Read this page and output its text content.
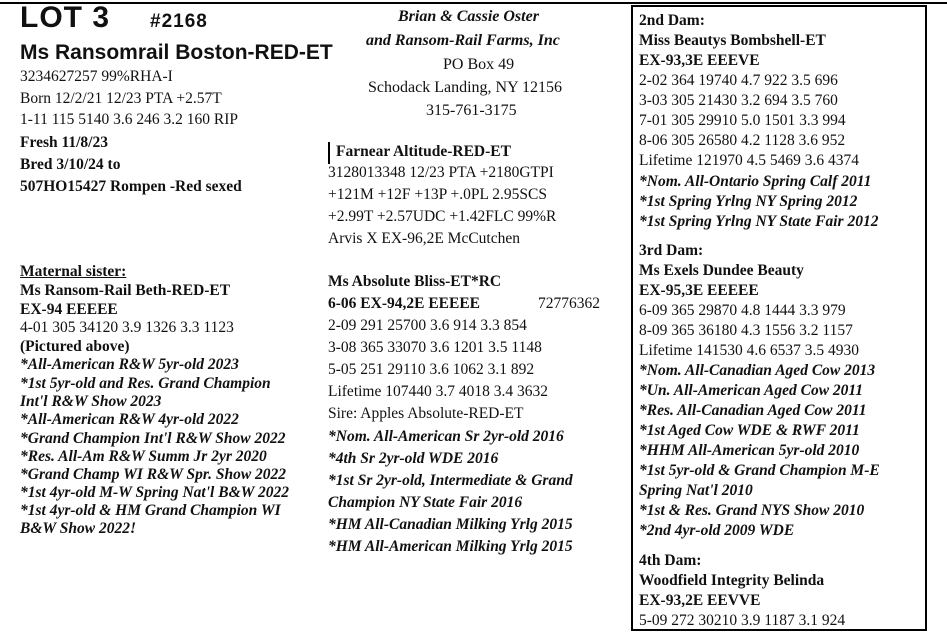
LOT 3 #2168
Ms Ransomrail Boston-RED-ET
3234627257 99%RHA-I
Born 12/2/21 12/23 PTA +2.57T
1-11 115 5140 3.6 246 3.2 160 RIP
Fresh 11/8/23
Bred 3/10/24 to
507HO15427 Rompen -Red sexed
Maternal sister:
Ms Ransom-Rail Beth-RED-ET
EX-94 EEEEE
4-01 305 34120 3.9 1326 3.3 1123
(Pictured above)
*All-American R&W 5yr-old 2023
*1st 5yr-old and Res. Grand Champion
Int'l R&W Show 2023
*All-American R&W 4yr-old 2022
*Grand Champion Int'l R&W Show 2022
*Res. All-Am R&W Summ Jr 2yr 2020
*Grand Champ WI R&W Spr. Show 2022
*1st 4yr-old M-W Spring Nat'l B&W 2022
*1st 4yr-old & HM Grand Champion WI
B&W Show 2022!
Brian & Cassie Oster
and Ransom-Rail Farms, Inc
PO Box 49
Schodack Landing, NY 12156
315-761-3175
Farnear Altitude-RED-ET
3128013348 12/23 PTA +2180GTPI
+121M +12F +13P +.0PL 2.95SCS
+2.99T +2.57UDC +1.42FLC 99%R
Arvis X EX-96,2E McCutchen
Ms Absolute Bliss-ET*RC
6-06 EX-94,2E EEEEE	72776362
2-09 291 25700 3.6 914 3.3 854
3-08 365 33070 3.6 1201 3.5 1148
5-05 251 29110 3.6 1062 3.1 892
Lifetime 107440 3.7 4018 3.4 3632
Sire: Apples Absolute-RED-ET
*Nom. All-American Sr 2yr-old 2016
*4th Sr 2yr-old WDE 2016
*1st Sr 2yr-old, Intermediate & Grand
Champion NY State Fair 2016
*HM All-Canadian Milking Yrlg 2015
*HM All-American Milking Yrlg 2015
2nd Dam:
Miss Beautys Bombshell-ET
EX-93,3E EEEVE
2-02 364 19740 4.7 922 3.5 696
3-03 305 21430 3.2 694 3.5 760
7-01 305 29910 5.0 1501 3.3 994
8-06 305 26580 4.2 1128 3.6 952
Lifetime 121970 4.5 5469 3.6 4374
*Nom. All-Ontario Spring Calf 2011
*1st Spring Yrlng NY Spring 2012
*1st Spring Yrlng NY State Fair 2012
3rd Dam:
Ms Exels Dundee Beauty
EX-95,3E EEEEE
6-09 365 29870 4.8 1444 3.3 979
8-09 365 36180 4.3 1556 3.2 1157
Lifetime 141530 4.6 6537 3.5 4930
*Nom. All-Canadian Aged Cow 2013
*Un. All-American Aged Cow 2011
*Res. All-Canadian Aged Cow 2011
*1st Aged Cow WDE & RWF 2011
*HHM All-American 5yr-old 2010
*1st 5yr-old & Grand Champion M-E
Spring Nat'l 2010
*1st & Res. Grand NYS Show 2010
*2nd 4yr-old 2009 WDE
4th Dam:
Woodfield Integrity Belinda
EX-93,2E EEVVE
5-09 272 30210 3.9 1187 3.1 924
